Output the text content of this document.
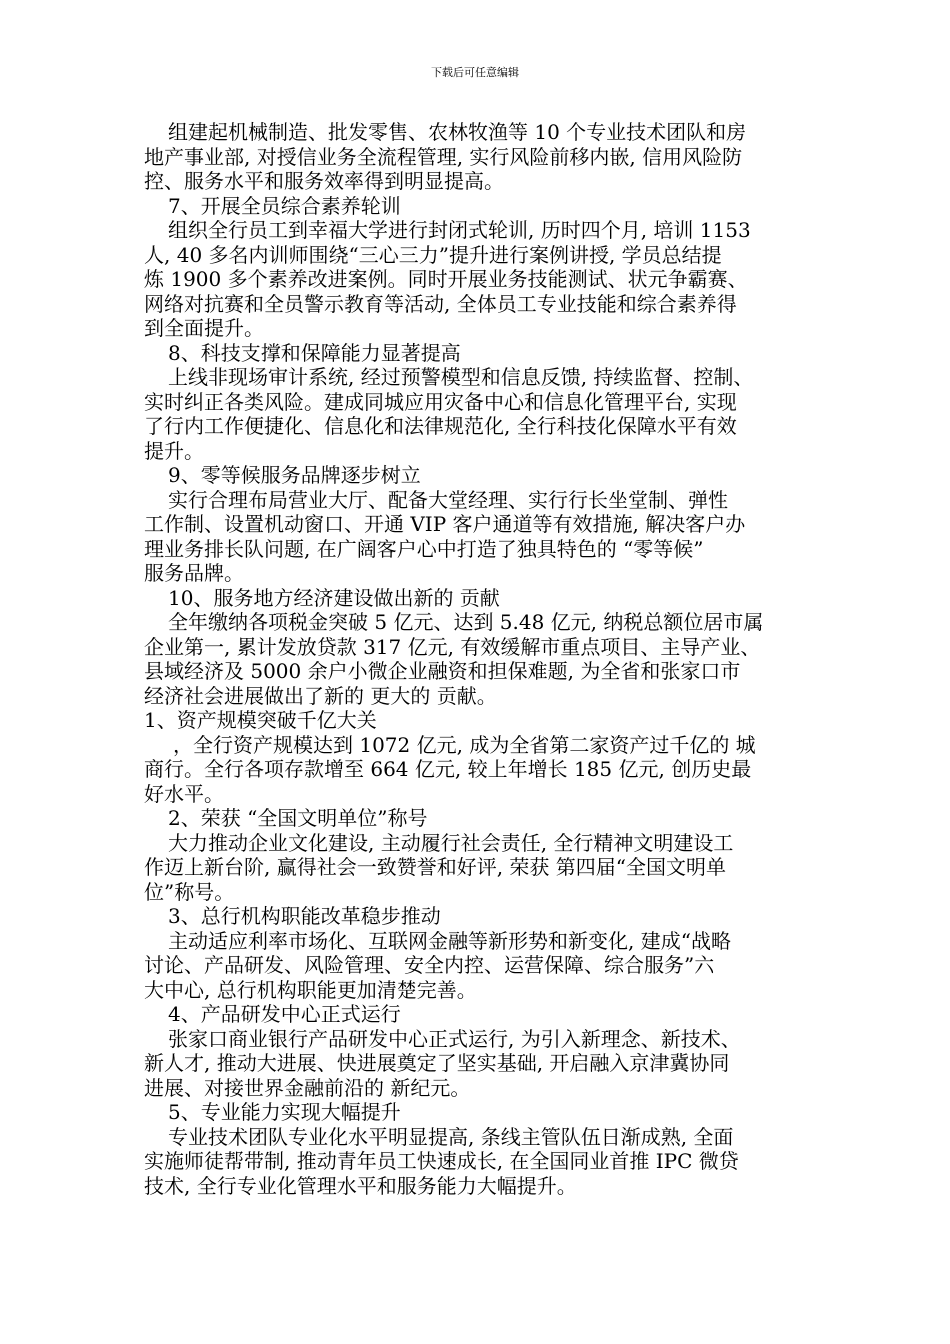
下载后可任意编辑
组建起机械制造、批发零售、农林牧渔等 10 个专业技术团队和房
地产事业部, 对授信业务全流程管理, 实行风险前移内嵌, 信用风险防
控、服务水平和服务效率得到明显提高。
7、开展全员综合素养轮训
组织全行员工到幸福大学进行封闭式轮训, 历时四个月, 培训 1153
人, 40 多名内训师围绕“三心三力”提升进行案例讲授, 学员总结提
炼 1900 多个素养改进案例。同时开展业务技能测试、状元争霸赛、
网络对抗赛和全员警示教育等活动, 全体员工专业技能和综合素养得
到全面提升。
8、科技支撑和保障能力显著提高
上线非现场审计系统, 经过预警模型和信息反馈, 持续监督、控制、
实时纠正各类风险。建成同城应用灾备中心和信息化管理平台, 实现
了行内工作便捷化、信息化和法律规范化, 全行科技化保障水平有效
提升。
9、零等候服务品牌逐步树立
实行合理布局营业大厅、配备大堂经理、实行行长坐堂制、弹性
工作制、设置机动窗口、开通 VIP 客户通道等有效措施, 解决客户办
理业务排长队问题, 在广阔客户心中打造了独具特色的 “零等候”
服务品牌。
10、服务地方经济建设做出新的 贡献
全年缴纳各项税金突破 5 亿元、达到 5.48 亿元, 纳税总额位居市属
企业第一, 累计发放贷款 317 亿元, 有效缓解市重点项目、主导产业、
县域经济及 5000 余户小微企业融资和担保难题, 为全省和张家口市
经济社会进展做出了新的 更大的 贡献。
1、资产规模突破千亿大关
，全行资产规模达到 1072 亿元, 成为全省第二家资产过千亿的 城
商行。全行各项存款增至 664 亿元, 较上年增长 185 亿元, 创历史最
好水平。
2、荣获 “全国文明单位”称号
大力推动企业文化建设, 主动履行社会责任, 全行精神文明建设工
作迈上新台阶, 赢得社会一致赞誉和好评, 荣获 第四届“全国文明单
位”称号。
3、总行机构职能改革稳步推动
主动适应利率市场化、互联网金融等新形势和新变化, 建成“战略
讨论、产品研发、风险管理、安全内控、运营保障、综合服务”六
大中心, 总行机构职能更加清楚完善。
4、产品研发中心正式运行
张家口商业银行产品研发中心正式运行, 为引入新理念、新技术、
新人才, 推动大进展、快进展奠定了坚实基础, 开启融入京津冀协同
进展、对接世界金融前沿的 新纪元。
5、专业能力实现大幅提升
专业技术团队专业化水平明显提高, 条线主管队伍日渐成熟, 全面
实施师徒帮带制, 推动青年员工快速成长, 在全国同业首推 IPC 微贷
技术, 全行专业化管理水平和服务能力大幅提升。
